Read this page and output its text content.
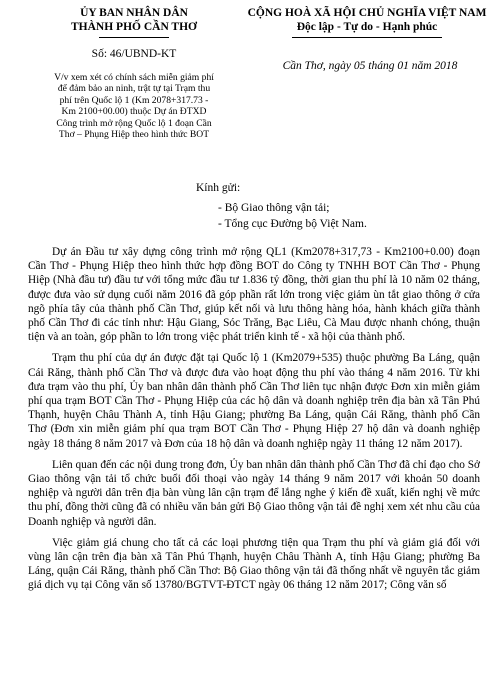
ỦY BAN NHÂN DÂN
THÀNH PHỐ CẦN THƠ
CỘNG HOÀ XÃ HỘI CHỦ NGHĨA VIỆT NAM
Độc lập - Tự do - Hạnh phúc
Số: 46/UBND-KT
Cần Thơ, ngày 05 tháng 01 năm 2018
V/v xem xét có chính sách miễn giảm phí để đảm bảo an ninh, trật tự tại Trạm thu phí trên Quốc lộ 1 (Km 2078+317.73 - Km 2100+00.00) thuộc Dự án ĐTXD Công trình mở rộng Quốc lộ 1 đoạn Cần Thơ – Phụng Hiệp theo hình thức BOT
Kính gửi:
- Bộ Giao thông vận tải;
- Tổng cục Đường bộ Việt Nam.

Dự án Đầu tư xây dựng công trình mở rộng QL1 (Km2078+317,73 - Km2100+0.00) đoạn Cần Thơ - Phụng Hiệp theo hình thức hợp đồng BOT do Công ty TNHH BOT Cần Thơ - Phụng Hiệp (Nhà đầu tư) đầu tư với tổng mức đầu tư 1.836 tỷ đồng, thời gian thu phí là 10 năm 02 tháng, được đưa vào sử dụng cuối năm 2016 đã góp phần rất lớn trong việc giảm ùn tắt giao thông ở cửa ngõ phía tây của thành phố Cần Thơ, giúp kết nối và lưu thông hàng hóa, hành khách giữa thành phố Cần Thơ đi các tỉnh như: Hậu Giang, Sóc Trăng, Bạc Liêu, Cà Mau được nhanh chóng, thuận tiện và an toàn, góp phần to lớn trong việc phát triển kinh tế - xã hội của thành phố.

Trạm thu phí của dự án được đặt tại Quốc lộ 1 (Km2079+535) thuộc phường Ba Láng, quận Cái Răng, thành phố Cần Thơ và được đưa vào hoạt động thu phí vào tháng 4 năm 2016. Từ khi đưa trạm vào thu phí, Ủy ban nhân dân thành phố Cần Thơ liên tục nhận được Đơn xin miễn giảm phí qua trạm BOT Cần Thơ - Phụng Hiệp của các hộ dân và doanh nghiệp trên địa bàn xã Tân Phú Thạnh, huyện Châu Thành A, tỉnh Hậu Giang; phường Ba Láng, quận Cái Răng, thành phố Cần Thơ (Đơn xin miễn giảm phí qua trạm BOT Cần Thơ - Phụng Hiệp 27 hộ dân và doanh nghiệp ngày 18 tháng 8 năm 2017 và Đơn của 18 hộ dân và doanh nghiệp ngày 11 tháng 12 năm 2017).

Liên quan đến các nội dung trong đơn, Ủy ban nhân dân thành phố Cần Thơ đã chỉ đạo cho Sở Giao thông vận tải tổ chức buổi đối thoại vào ngày 14 tháng 9 năm 2017 với khoản 50 doanh nghiệp và người dân trên địa bàn vùng lân cận trạm để lắng nghe ý kiến đề xuất, kiến nghị về mức thu phí, đồng thời cũng đã có nhiều văn bản gửi Bộ Giao thông vận tải đề nghị xem xét nhu cầu của Doanh nghiệp và người dân.

Việc giảm giá chung cho tất cả các loại phương tiện qua Trạm thu phí và giảm giá đối với vùng lân cận trên địa bàn xã Tân Phú Thạnh, huyện Châu Thành A, tỉnh Hậu Giang; phường Ba Láng, quận Cái Răng, thành phố Cần Thơ: Bộ Giao thông vận tải đã thống nhất về nguyên tắc giảm giá dịch vụ tại Công văn số 13780/BGTVT-ĐTCT ngày 06 tháng 12 năm 2017; Công văn số
